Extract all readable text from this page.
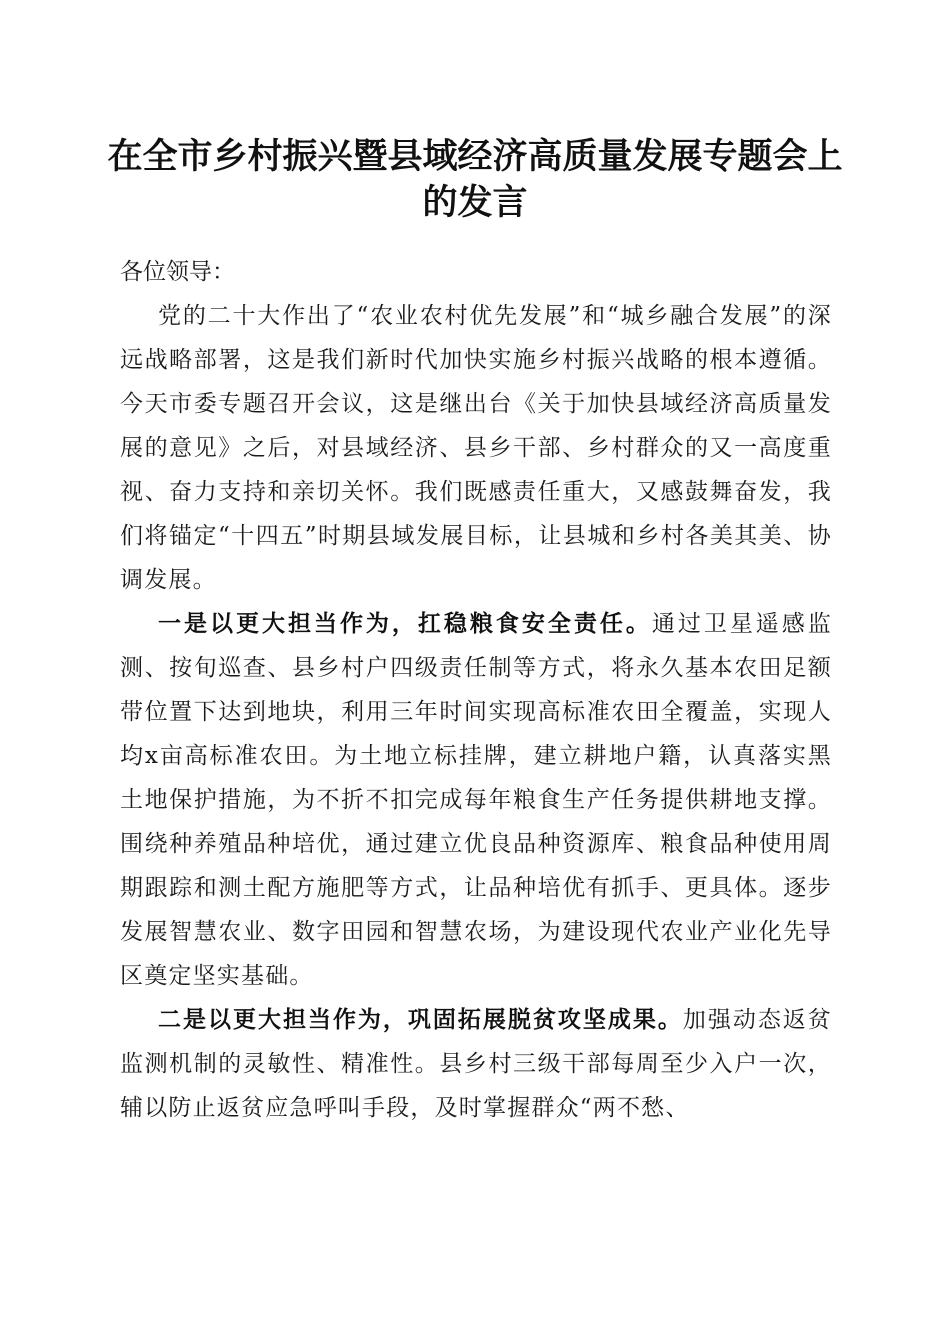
在全市乡村振兴暨县域经济高质量发展专题会上的发言

各位领导：

党的二十大作出了“农业农村优先发展”和“城乡融合发展”的深远战略部署，这是我们新时代加快实施乡村振兴战略的根本遵循。今天市委专题召开会议，这是继出台《关于加快县域经济高质量发展的意见》之后，对县域经济、县乡干部、乡村群众的又一高度重视、奋力支持和亲切关怀。我们既感责任重大，又感鼓舞奋发，我们将锚定“十四五”时期县域发展目标，让县城和乡村各美其美、协调发展。

一是以更大担当作为，扛稳粮食安全责任。通过卫星遥感监测、按旬巡查、县乡村户四级责任制等方式，将永久基本农田足额带位置下达到地块，利用三年时间实现高标准农田全覆盖，实现人均x亩高标准农田。为土地立标挂牌，建立耕地户籍，认真落实黑土地保护措施，为不折不扣完成每年粮食生产任务提供耕地支撑。围绕种养殖品种培优，通过建立优良品种资源库、粮食品种使用周期跟踪和测土配方施肥等方式，让品种培优有抓手、更具体。逐步发展智慧农业、数字田园和智慧农场，为建设现代农业产业化先导区奠定坚实基础。

二是以更大担当作为，巩固拓展脱贫攻坚成果。加强动态返贫监测机制的灵敏性、精准性。县乡村三级干部每周至少入户一次，辅以防止返贫应急呼叫手段，及时掌握群众“两不愁、
